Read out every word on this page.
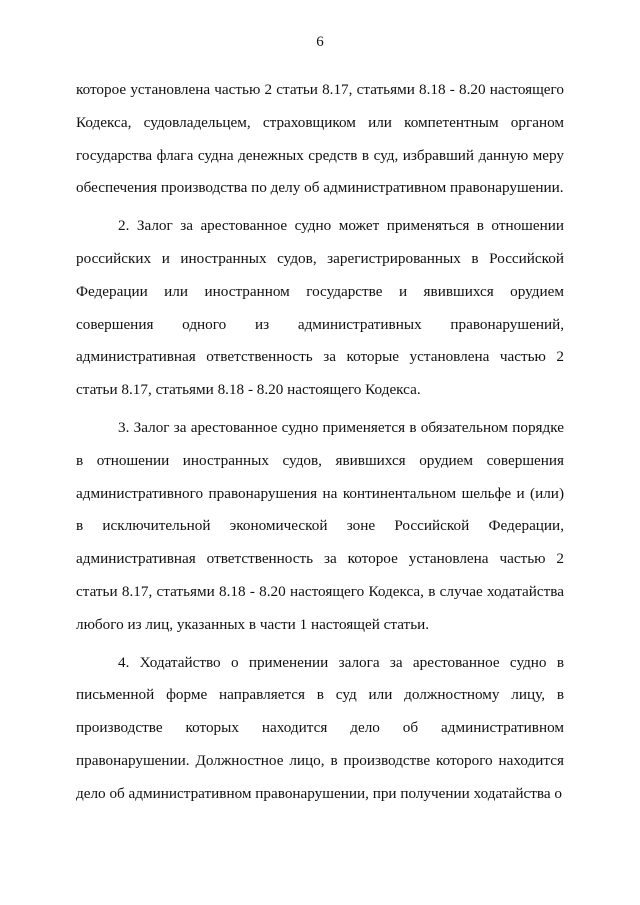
6

которое установлена частью 2 статьи 8.17, статьями 8.18 - 8.20 настоящего Кодекса, судовладельцем, страховщиком или компетентным органом государства флага судна денежных средств в суд, избравший данную меру обеспечения производства по делу об административном правонарушении.

2. Залог за арестованное судно может применяться в отношении российских и иностранных судов, зарегистрированных в Российской Федерации или иностранном государстве и явившихся орудием совершения одного из административных правонарушений, административная ответственность за которые установлена частью 2 статьи 8.17, статьями 8.18 - 8.20 настоящего Кодекса.

3. Залог за арестованное судно применяется в обязательном порядке в отношении иностранных судов, явившихся орудием совершения административного правонарушения на континентальном шельфе и (или) в исключительной экономической зоне Российской Федерации, административная ответственность за которое установлена частью 2 статьи 8.17, статьями 8.18 - 8.20 настоящего Кодекса, в случае ходатайства любого из лиц, указанных в части 1 настоящей статьи.

4. Ходатайство о применении залога за арестованное судно в письменной форме направляется в суд или должностному лицу, в производстве которых находится дело об административном правонарушении. Должностное лицо, в производстве которого находится дело об административном правонарушении, при получении ходатайства о
